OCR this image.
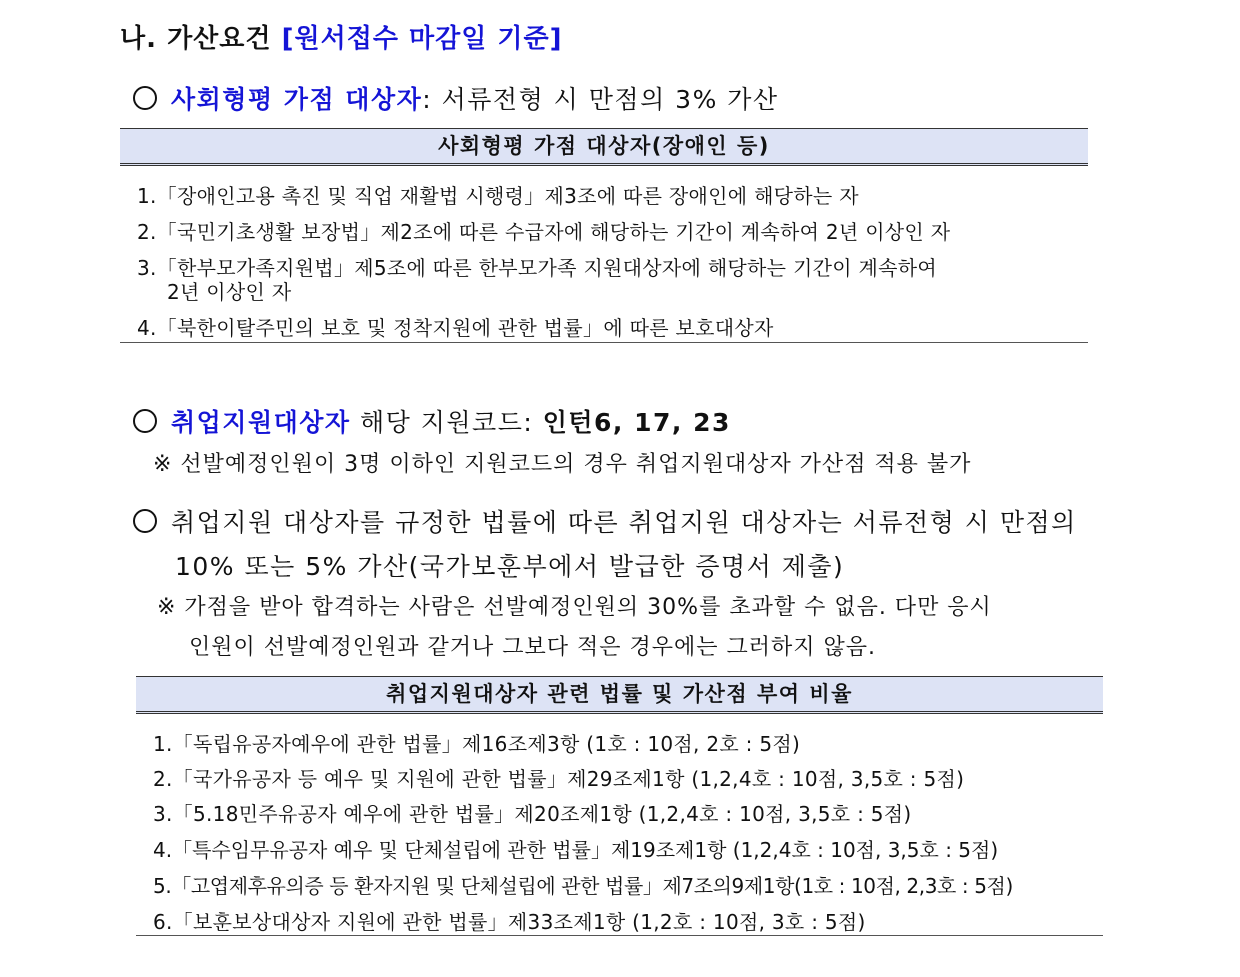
나. 가산요건 [원서접수 마감일 기준]
사회형평 가점 대상자: 서류전형 시 만점의 3% 가산
사회형평 가점 대상자(장애인 등)
1.「장애인고용 촉진 및 직업 재활법 시행령」제3조에 따른 장애인에 해당하는 자
2.「국민기초생활 보장법」제2조에 따른 수급자에 해당하는 기간이 계속하여 2년 이상인 자
3.「한부모가족지원법」제5조에 따른 한부모가족 지원대상자에 해당하는 기간이 계속하여
2년 이상인 자
4.「북한이탈주민의 보호 및 정착지원에 관한 법률」에 따른 보호대상자
취업지원대상자 해당 지원코드: 인턴6, 17, 23
※ 선발예정인원이 3명 이하인 지원코드의 경우 취업지원대상자 가산점 적용 불가
취업지원 대상자를 규정한 법률에 따른 취업지원 대상자는 서류전형 시 만점의
10% 또는 5% 가산(국가보훈부에서 발급한 증명서 제출)
※ 가점을 받아 합격하는 사람은 선발예정인원의 30%를 초과할 수 없음. 다만 응시
인원이 선발예정인원과 같거나 그보다 적은 경우에는 그러하지 않음.
취업지원대상자 관련 법률 및 가산점 부여 비율
1.「독립유공자예우에 관한 법률」제16조제3항 (1호 : 10점, 2호 : 5점)
2.「국가유공자 등 예우 및 지원에 관한 법률」제29조제1항 (1,2,4호 : 10점, 3,5호 : 5점)
3.「5.18민주유공자 예우에 관한 법률」제20조제1항 (1,2,4호 : 10점, 3,5호 : 5점)
4.「특수임무유공자 예우 및 단체설립에 관한 법률」제19조제1항 (1,2,4호 : 10점, 3,5호 : 5점)
5.「고엽제후유의증 등 환자지원 및 단체설립에 관한 법률」제7조의9제1항(1호 : 10점, 2,3호 : 5점)
6.「보훈보상대상자 지원에 관한 법률」제33조제1항 (1,2호 : 10점, 3호 : 5점)
